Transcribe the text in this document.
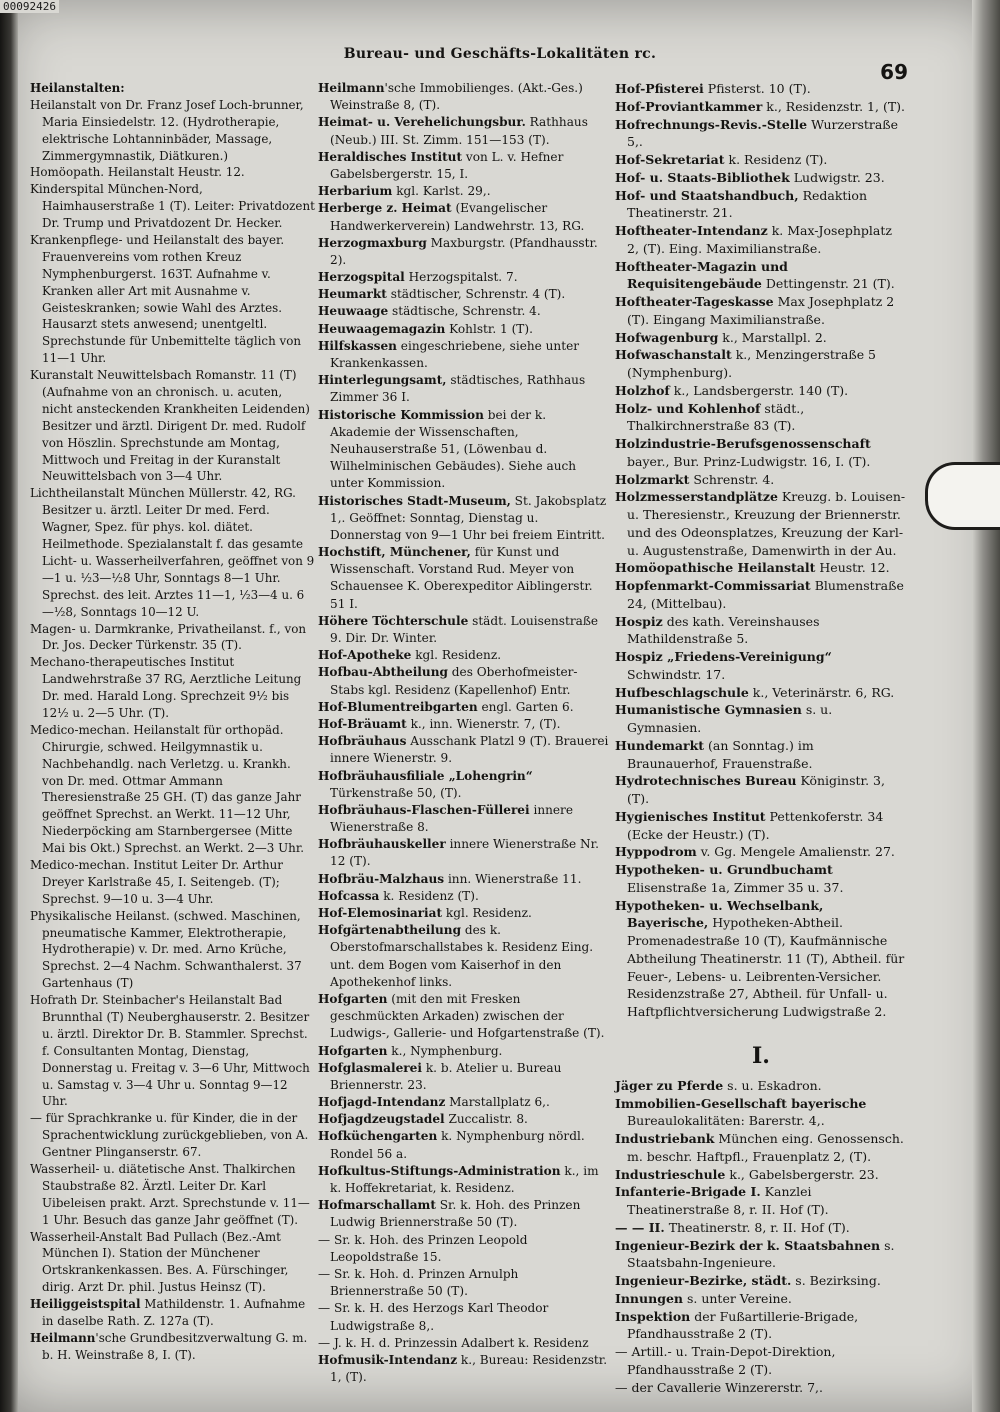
00092426
Bureau- und Geschäfts-Lokalitäten rc.
69

Heilanstalten:

Heilanstalt von Dr. Franz Josef Loch-brunner, Maria Einsiedelstr. 12. (Hydrotherapie, elektrische Lohtanninbäder, Massage, Zimmergymnastik, Diätkuren.)

Homöopath. Heilanstalt Heustr. 12.

Kinderspital München-Nord, Haimhauserstraße 1 (T). Leiter: Privatdozent Dr. Trump und Privatdozent Dr. Hecker.

Krankenpflege- und Heilanstalt des bayer. Frauenvereins vom rothen Kreuz Nymphenburgerst. 163T. Aufnahme v. Kranken aller Art mit Ausnahme v. Geisteskranken; sowie Wahl des Arztes. Hausarzt stets anwesend; unentgeltl. Sprechstunde für Unbemittelte täglich von 11—1 Uhr.

Kuranstalt Neuwittelsbach Romanstr. 11 (T) (Aufnahme von an chronisch. u. acuten, nicht ansteckenden Krankheiten Leidenden) Besitzer und ärztl. Dirigent Dr. med. Rudolf von Höszlin. Sprechstunde am Montag, Mittwoch und Freitag in der Kuranstalt Neuwittelsbach von 3—4 Uhr.

Lichtheilanstalt München Müllerstr. 42, RG. Besitzer u. ärztl. Leiter Dr med. Ferd. Wagner, Spez. für phys. kol. diätet. Heilmethode. Spezialanstalt f. das gesamte Licht- u. Wasserheilverfahren, geöffnet von 9—1 u. ½3—½8 Uhr, Sonntags 8—1 Uhr. Sprechst. des leit. Arztes 11—1, ½3—4 u. 6—½8, Sonntags 10—12 U.

Magen- u. Darmkranke, Privatheilanst. f., von Dr. Jos. Decker Türkenstr. 35 (T).

Mechano-therapeutisches Institut Landwehrstraße 37 RG, Aerztliche Leitung Dr. med. Harald Long. Sprechzeit 9½ bis 12½ u. 2—5 Uhr. (T).

Medico-mechan. Heilanstalt für orthopäd. Chirurgie, schwed. Heilgymnastik u. Nachbehandlg. nach Verletzg. u. Krankh. von Dr. med. Ottmar Ammann Theresienstraße 25 GH. (T) das ganze Jahr geöffnet Sprechst. an Werkt. 11—12 Uhr, Niederpöcking am Starnbergersee (Mitte Mai bis Okt.) Sprechst. an Werkt. 2—3 Uhr.

Medico-mechan. Institut Leiter Dr. Arthur Dreyer Karlstraße 45, I. Seitengeb. (T); Sprechst. 9—10 u. 3—4 Uhr.

Physikalische Heilanst. (schwed. Maschinen, pneumatische Kammer, Elektrotherapie, Hydrotherapie) v. Dr. med. Arno Krüche, Sprechst. 2—4 Nachm. Schwanthalerst. 37 Gartenhaus (T)

Hofrath Dr. Steinbacher's Heilanstalt Bad Brunnthal (T) Neuberghauserstr. 2. Besitzer u. ärztl. Direktor Dr. B. Stammler. Sprechst. f. Consultanten Montag, Dienstag, Donnerstag u. Freitag v. 3—6 Uhr, Mittwoch u. Samstag v. 3—4 Uhr u. Sonntag 9—12 Uhr.

— für Sprachkranke u. für Kinder, die in der Sprachentwicklung zurückgeblieben, von A. Gentner Plinganserstr. 67.

Wasserheil- u. diätetische Anst. Thalkirchen Staubstraße 82. Ärztl. Leiter Dr. Karl Uibeleisen prakt. Arzt. Sprechstunde v. 11—1 Uhr. Besuch das ganze Jahr geöffnet (T).

Wasserheil-Anstalt Bad Pullach (Bez.-Amt München I). Station der Münchener Ortskrankenkassen. Bes. A. Fürschinger, dirig. Arzt Dr. phil. Justus Heinsz (T).

Heiliggeistspital Mathildenstr. 1. Aufnahme in daselbe Rath. Z. 127a (T).

Heilmann'sche Grundbesitzverwaltung G. m. b. H. Weinstraße 8, I. (T).

Heilmann'sche Immobilienges. (Akt.-Ges.) Weinstraße 8, (T).

Heimat- u. Verehelichungsbur. Rathhaus (Neub.) III. St. Zimm. 151—153 (T).

Heraldisches Institut von L. v. Hefner Gabelsbergerstr. 15, I.

Herbarium kgl. Karlst. 29,.

Herberge z. Heimat (Evangelischer Handwerkerverein) Landwehrstr. 13, RG.

Herzogmaxburg Maxburgstr. (Pfandhausstr. 2).

Herzogspital Herzogspitalst. 7.

Heumarkt städtischer, Schrenstr. 4 (T).

Heuwaage städtische, Schrenstr. 4.

Heuwaagemagazin Kohlstr. 1 (T).

Hilfskassen eingeschriebene, siehe unter Krankenkassen.

Hinterlegungsamt, städtisches, Rathhaus Zimmer 36 I.

Historische Kommission bei der k. Akademie der Wissenschaften, Neuhauserstraße 51, (Löwenbau d. Wilhelminischen Gebäudes). Siehe auch unter Kommission.

Historisches Stadt-Museum, St. Jakobsplatz 1,. Geöffnet: Sonntag, Dienstag u. Donnerstag von 9—1 Uhr bei freiem Eintritt.

Hochstift, Münchener, für Kunst und Wissenschaft. Vorstand Rud. Meyer von Schauensee K. Oberexpeditor Aiblingerstr. 51 I.

Höhere Töchterschule städt. Louisenstraße 9. Dir. Dr. Winter.

Hof-Apotheke kgl. Residenz.

Hofbau-Abtheilung des Oberhofmeister-Stabs kgl. Residenz (Kapellenhof) Entr.

Hof-Blumentreibgarten engl. Garten 6.

Hof-Bräuamt k., inn. Wienerstr. 7, (T).

Hofbräuhaus Ausschank Platzl 9 (T). Brauerei innere Wienerstr. 9.

Hofbräuhausfiliale „Lohengrin“ Türkenstraße 50, (T).

Hofbräuhaus-Flaschen-Füllerei innere Wienerstraße 8.

Hofbräuhauskeller innere Wienerstraße Nr. 12 (T).

Hofbräu-Malzhaus inn. Wienerstraße 11.

Hofcassa k. Residenz (T).

Hof-Elemosinariat kgl. Residenz.

Hofgärtenabtheilung des k. Oberstofmarschallstabes k. Residenz Eing. unt. dem Bogen vom Kaiserhof in den Apothekenhof links.

Hofgarten (mit den mit Fresken geschmückten Arkaden) zwischen der Ludwigs-, Gallerie- und Hofgartenstraße (T).

Hofgarten k., Nymphenburg.

Hofglasmalerei k. b. Atelier u. Bureau Briennerstr. 23.

Hofjagd-Intendanz Marstallplatz 6,.

Hofjagdzeugstadel Zuccalistr. 8.

Hofküchengarten k. Nymphenburg nördl. Rondel 56 a.

Hofkultus-Stiftungs-Administration k., im k. Hoffekretariat, k. Residenz.

Hofmarschallamt Sr. k. Hoh. des Prinzen Ludwig Briennerstraße 50 (T).

— Sr. k. Hoh. des Prinzen Leopold Leopoldstraße 15.

— Sr. k. Hoh. d. Prinzen Arnulph Briennerstraße 50 (T).

— Sr. k. H. des Herzogs Karl Theodor Ludwigstraße 8,.

— J. k. H. d. Prinzessin Adalbert k. Residenz

Hofmusik-Intendanz k., Bureau: Residenzstr. 1, (T).

Hof-Pfisterei Pfisterst. 10 (T).

Hof-Proviantkammer k., Residenzstr. 1, (T).

Hofrechnungs-Revis.-Stelle Wurzerstraße 5,.

Hof-Sekretariat k. Residenz (T).

Hof- u. Staats-Bibliothek Ludwigstr. 23.

Hof- und Staatshandbuch, Redaktion Theatinerstr. 21.

Hoftheater-Intendanz k. Max-Josephplatz 2, (T). Eing. Maximilianstraße.

Hoftheater-Magazin und Requisitengebäude Dettingenstr. 21 (T).

Hoftheater-Tageskasse Max Josephplatz 2 (T). Eingang Maximilianstraße.

Hofwagenburg k., Marstallpl. 2.

Hofwaschanstalt k., Menzingerstraße 5 (Nymphenburg).

Holzhof k., Landsbergerstr. 140 (T).

Holz- und Kohlenhof städt., Thalkirchnerstraße 83 (T).

Holzindustrie-Berufsgenossenschaft bayer., Bur. Prinz-Ludwigstr. 16, I. (T).

Holzmarkt Schrenstr. 4.

Holzmesserstandplätze Kreuzg. b. Louisen- u. Theresienstr., Kreuzung der Briennerstr. und des Odeonsplatzes, Kreuzung der Karl- u. Augustenstraße, Damenwirth in der Au.

Homöopathische Heilanstalt Heustr. 12.

Hopfenmarkt-Commissariat Blumenstraße 24, (Mittelbau).

Hospiz des kath. Vereinshauses Mathildenstraße 5.

Hospiz „Friedens-Vereinigung“ Schwindstr. 17.

Hufbeschlagschule k., Veterinärstr. 6, RG.

Humanistische Gymnasien s. u. Gymnasien.

Hundemarkt (an Sonntag.) im Braunauerhof, Frauenstraße.

Hydrotechnisches Bureau Königinstr. 3, (T).

Hygienisches Institut Pettenkoferstr. 34 (Ecke der Heustr.) (T).

Hyppodrom v. Gg. Mengele Amalienstr. 27.

Hypotheken- u. Grundbuchamt Elisenstraße 1a, Zimmer 35 u. 37.

Hypotheken- u. Wechselbank, Bayerische, Hypotheken-Abtheil. Promenadestraße 10 (T), Kaufmännische Abtheilung Theatinerstr. 11 (T), Abtheil. für Feuer-, Lebens- u. Leibrenten-Versicher. Residenzstraße 27, Abtheil. für Unfall- u. Haftpflichtversicherung Ludwigstraße 2.

I.

Jäger zu Pferde s. u. Eskadron.

Immobilien-Gesellschaft bayerische Bureaulokalitäten: Barerstr. 4,.

Industriebank München eing. Genossensch. m. beschr. Haftpfl., Frauenplatz 2, (T).

Industrieschule k., Gabelsbergerstr. 23.

Infanterie-Brigade I. Kanzlei Theatinerstraße 8, r. II. Hof (T).

— — II. Theatinerstr. 8, r. II. Hof (T).

Ingenieur-Bezirk der k. Staatsbahnen s. Staatsbahn-Ingenieure.

Ingenieur-Bezirke, städt. s. Bezirksing.

Innungen s. unter Vereine.

Inspektion der Fußartillerie-Brigade, Pfandhausstraße 2 (T).

— Artill.- u. Train-Depot-Direktion, Pfandhausstraße 2 (T).

— der Cavallerie Winzererstr. 7,.
